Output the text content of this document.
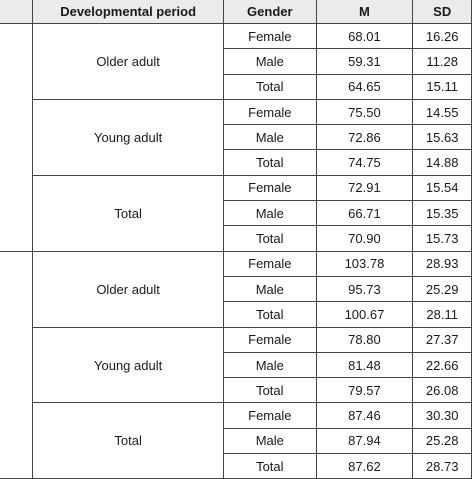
	Developmental period	Gender	M	SD
	Older adult	Female	68.01	16.26
		Male	59.31	11.28
		Total	64.65	15.11
	Young adult	Female	75.50	14.55
		Male	72.86	15.63
		Total	74.75	14.88
	Total	Female	72.91	15.54
		Male	66.71	15.35
		Total	70.90	15.73
	Older adult	Female	103.78	28.93
		Male	95.73	25.29
		Total	100.67	28.11
	Young adult	Female	78.80	27.37
		Male	81.48	22.66
		Total	79.57	26.08
	Total	Female	87.46	30.30
		Male	87.94	25.28
		Total	87.62	28.73
